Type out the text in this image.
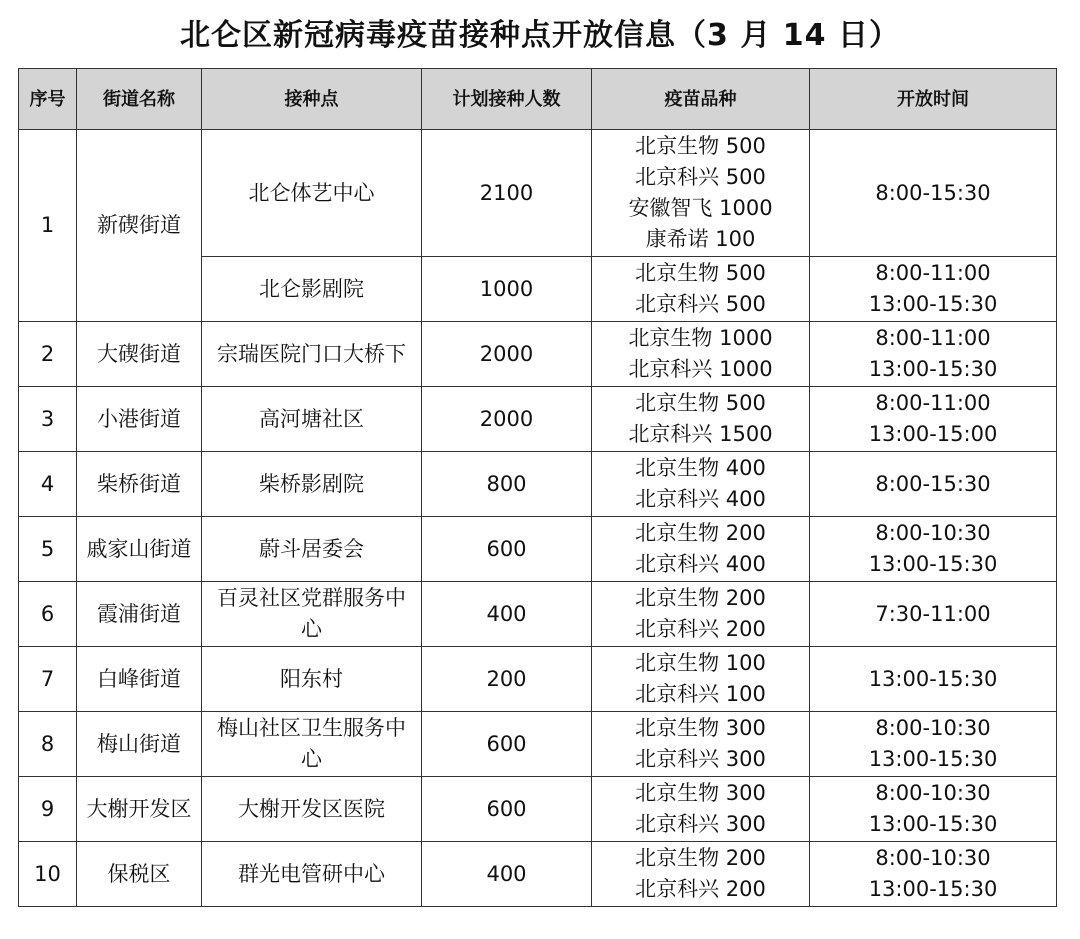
北仑区新冠病毒疫苗接种点开放信息（3 月 14 日）
序号	街道名称	接种点	计划接种人数	疫苗品种	开放时间
1	新碶街道	北仑体艺中心	2100	北京生物 500
北京科兴 500
安徽智飞 1000
康希诺 100	8:00-15:30
		北仑影剧院	1000	北京生物 500
北京科兴 500	8:00-11:00
13:00-15:30
2	大碶街道	宗瑞医院门口大桥下	2000	北京生物 1000
北京科兴 1000	8:00-11:00
13:00-15:30
3	小港街道	高河塘社区	2000	北京生物 500
北京科兴 1500	8:00-11:00
13:00-15:00
4	柴桥街道	柴桥影剧院	800	北京生物 400
北京科兴 400	8:00-15:30
5	戚家山街道	蔚斗居委会	600	北京生物 200
北京科兴 400	8:00-10:30
13:00-15:30
6	霞浦街道	百灵社区党群服务中
心	400	北京生物 200
北京科兴 200	7:30-11:00
7	白峰街道	阳东村	200	北京生物 100
北京科兴 100	13:00-15:30
8	梅山街道	梅山社区卫生服务中
心	600	北京生物 300
北京科兴 300	8:00-10:30
13:00-15:30
9	大榭开发区	大榭开发区医院	600	北京生物 300
北京科兴 300	8:00-10:30
13:00-15:30
10	保税区	群光电管研中心	400	北京生物 200
北京科兴 200	8:00-10:30
13:00-15:30
